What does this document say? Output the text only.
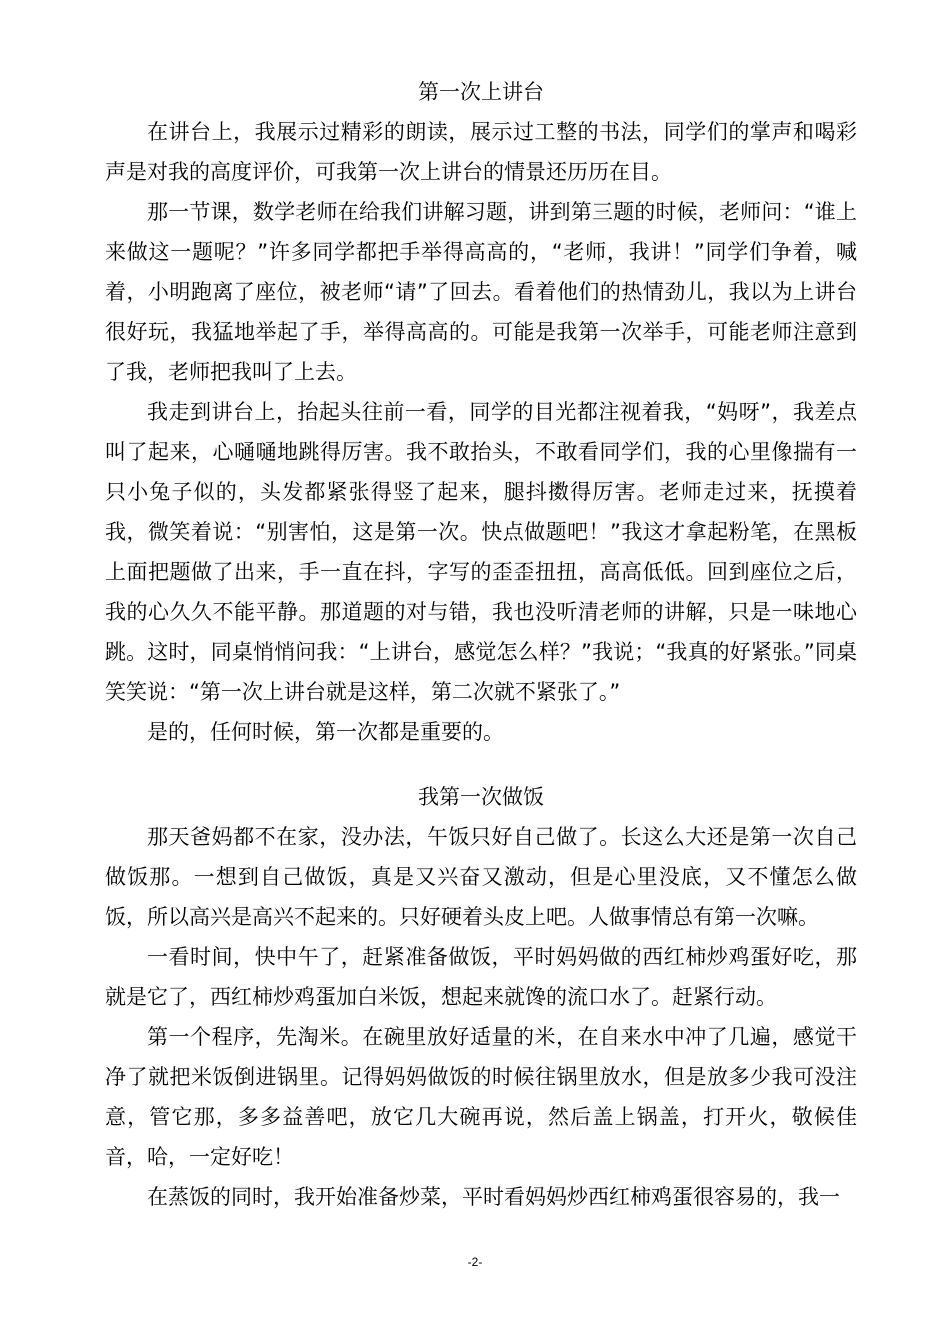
第一次上讲台

在讲台上，我展示过精彩的朗读，展示过工整的书法，同学们的掌声和喝彩声是对我的高度评价，可我第一次上讲台的情景还历历在目。

那一节课，数学老师在给我们讲解习题，讲到第三题的时候，老师问：“谁上来做这一题呢？”许多同学都把手举得高高的，“老师，我讲！”同学们争着，喊着，小明跑离了座位，被老师“请”了回去。看着他们的热情劲儿，我以为上讲台很好玩，我猛地举起了手，举得高高的。可能是我第一次举手，可能老师注意到了我，老师把我叫了上去。

我走到讲台上，抬起头往前一看，同学的目光都注视着我，“妈呀”，我差点叫了起来，心嗵嗵地跳得厉害。我不敢抬头，不敢看同学们，我的心里像揣有一只小兔子似的，头发都紧张得竖了起来，腿抖擞得厉害。老师走过来，抚摸着我，微笑着说：“别害怕，这是第一次。快点做题吧！”我这才拿起粉笔，在黑板上面把题做了出来，手一直在抖，字写的歪歪扭扭，高高低低。回到座位之后，我的心久久不能平静。那道题的对与错，我也没听清老师的讲解，只是一味地心跳。这时，同桌悄悄问我：“上讲台，感觉怎么样？”我说；“我真的好紧张。”同桌笑笑说：“第一次上讲台就是这样，第二次就不紧张了。”

是的，任何时候，第一次都是重要的。

我第一次做饭

那天爸妈都不在家，没办法，午饭只好自己做了。长这么大还是第一次自己做饭那。一想到自己做饭，真是又兴奋又激动，但是心里没底，又不懂怎么做饭，所以高兴是高兴不起来的。只好硬着头皮上吧。人做事情总有第一次嘛。

一看时间，快中午了，赶紧准备做饭，平时妈妈做的西红柿炒鸡蛋好吃，那就是它了，西红柿炒鸡蛋加白米饭，想起来就馋的流口水了。赶紧行动。

第一个程序，先淘米。在碗里放好适量的米，在自来水中冲了几遍，感觉干净了就把米饭倒进锅里。记得妈妈做饭的时候往锅里放水，但是放多少我可没注意，管它那，多多益善吧，放它几大碗再说，然后盖上锅盖，打开火，敬候佳音，哈，一定好吃！

在蒸饭的同时，我开始准备炒菜，平时看妈妈炒西红柿鸡蛋很容易的，我一

-2-
